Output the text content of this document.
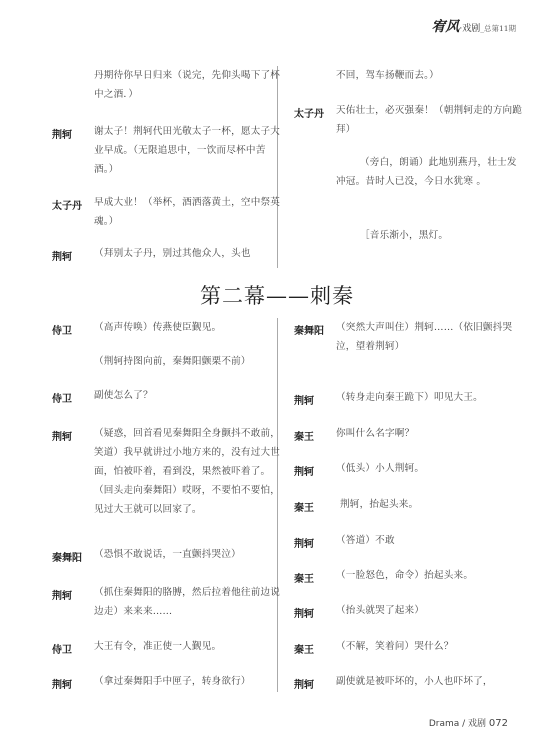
宥风·戏剧_总第11期
丹期待你早日归来（说完，先仰头喝下了杯中之酒．）
荆轲	谢太子！荆轲代田光敬太子一杯，愿太子大业早成。（无限追思中，一饮而尽杯中苦酒。）
太子丹	早成大业！（举杯，酒洒落黄土，空中祭英魂。）
荆轲	（拜别太子丹，别过其他众人，头也
不回，驾车扬鞭而去。）
太子丹	天佑壮士，必灭强秦！（朝荆轲走的方向跪拜）
（旁白，朗诵）此地别燕丹，壮士发冲冠。昔时人已没，今日水犹寒 。
［音乐渐小，黑灯。
第二幕——刺秦
侍卫	（高声传唤）传燕使臣觐见。
（荆轲持图向前，秦舞阳颤栗不前）
侍卫	副使怎么了？
荆轲	（疑惑，回首看见秦舞阳全身颤抖不敢前，笑道）我早就讲过小地方来的，没有过大世面，怕被吓着，看到没，果然被吓着了。（回头走向秦舞阳）哎呀，不要怕不要怕，见过大王就可以回家了。
秦舞阳	（恐惧不敢说话，一直颤抖哭泣）
荆轲	（抓住秦舞阳的胳膊，然后拉着他往前边说边走）来来来……
侍卫	大王有令，准正使一人觐见。
荆轲	（拿过秦舞阳手中匣子，转身欲行）
秦舞阳	（突然大声叫住）荆轲……（依旧颤抖哭泣，望着荆轲）
荆轲	（转身走向秦王跪下）叩见大王。
秦王	你叫什么名字啊？
荆轲	（低头）小人荆轲。
秦王	荆轲，抬起头来。
荆轲	（答道）不敢
秦王	（一脸怒色，命令）抬起头来。
荆轲	（抬头就哭了起来）
秦王	（不解，笑着问）哭什么？
荆轲	副使就是被吓坏的，小人也吓坏了，
Drama / 戏剧 072
